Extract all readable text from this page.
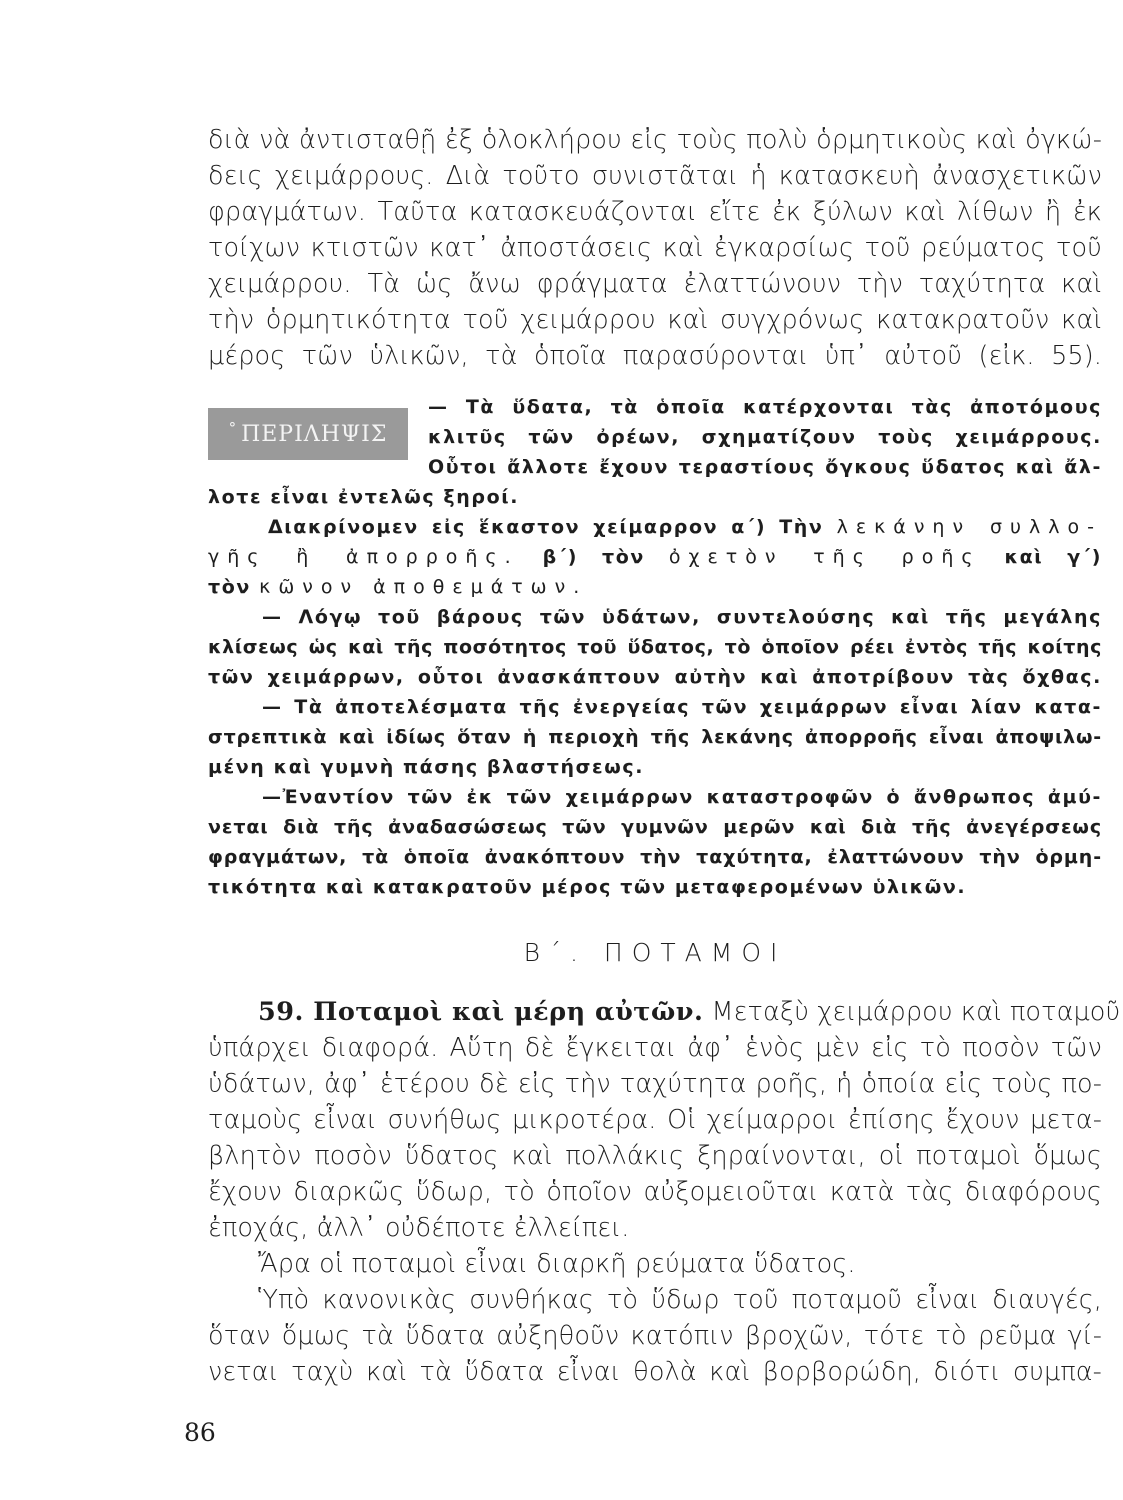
διὰ νὰ ἀντισταθῇ ἐξ ὁλοκλήρου εἰς τοὺς πολὺ ὁρμητικοὺς καὶ ὀγκώ-
δεις χειμάρρους. Διὰ τοῦτο συνιστᾶται ἡ κατασκευὴ ἀνασχετικῶν
φραγμάτων. Ταῦτα κατασκευάζονται εἴτε ἐκ ξύλων καὶ λίθων ἢ ἐκ
τοίχων κτιστῶν κατ᾽ ἀποστάσεις καὶ ἐγκαρσίως τοῦ ρεύματος τοῦ
χειμάρρου. Τὰ ὡς ἄνω φράγματα ἐλαττώνουν τὴν ταχύτητα καὶ
τὴν ὁρμητικότητα τοῦ χειμάρρου καὶ συγχρόνως κατακρατοῦν καὶ
μέρος τῶν ὑλικῶν, τὰ ὁποῖα παρασύρονται ὑπ᾽ αὐτοῦ (εἰκ. 55).
° ΠΕΡΙΛΗΨΙΣ
— Τὰ ὕδατα, τὰ ὁποῖα κατέρχονται τὰς ἀποτόμους
κλιτῦς τῶν ὀρέων, σχηματίζουν τοὺς χειμάρρους.
Οὗτοι ἄλλοτε ἔχουν τεραστίους ὄγκους ὕδατος καὶ ἄλ-
λοτε εἶναι ἐντελῶς ξηροί.
Διακρίνομεν εἰς ἕκαστον χείμαρρον α΄) Τὴν λεκάνην συλλο-
γῆς ἢ ἀπορροῆς. β΄) τὸν ὀχετὸν τῆς ροῆς καὶ γ΄)
τὸν κῶνον ἀποθεμάτων.
— Λόγῳ τοῦ βάρους τῶν ὑδάτων, συντελούσης καὶ τῆς μεγάλης
κλίσεως ὡς καὶ τῆς ποσότητος τοῦ ὕδατος, τὸ ὁποῖον ρέει ἐντὸς τῆς κοίτης
τῶν χειμάρρων, οὗτοι ἀνασκάπτουν αὐτὴν καὶ ἀποτρίβουν τὰς ὄχθας.
— Τὰ ἀποτελέσματα τῆς ἐνεργείας τῶν χειμάρρων εἶναι λίαν κατα-
στρεπτικὰ καὶ ἰδίως ὅταν ἡ περιοχὴ τῆς λεκάνης ἀπορροῆς εἶναι ἀποψιλω-
μένη καὶ γυμνὴ πάσης βλαστήσεως.
—Ἐναντίον τῶν ἐκ τῶν χειμάρρων καταστροφῶν ὁ ἄνθρωπος ἀμύ-
νεται διὰ τῆς ἀναδασώσεως τῶν γυμνῶν μερῶν καὶ διὰ τῆς ἀνεγέρσεως
φραγμάτων, τὰ ὁποῖα ἀνακόπτουν τὴν ταχύτητα, ἐλαττώνουν τὴν ὁρμη-
τικότητα καὶ κατακρατοῦν μέρος τῶν μεταφερομένων ὑλικῶν.
Β΄. ΠΟΤΑΜΟΙ
59. Ποταμοὶ καὶ μέρη αὐτῶν. Μεταξὺ χειμάρρου καὶ ποταμοῦ
ὑπάρχει διαφορά. Αὕτη δὲ ἔγκειται ἀφ᾽ ἑνὸς μὲν εἰς τὸ ποσὸν τῶν
ὑδάτων, ἀφ᾽ ἑτέρου δὲ εἰς τὴν ταχύτητα ροῆς, ἡ ὁποία εἰς τοὺς πο-
ταμοὺς εἶναι συνήθως μικροτέρα. Οἱ χείμαρροι ἐπίσης ἔχουν μετα-
βλητὸν ποσὸν ὕδατος καὶ πολλάκις ξηραίνονται, οἱ ποταμοὶ ὅμως
ἔχουν διαρκῶς ὕδωρ, τὸ ὁποῖον αὐξομειοῦται κατὰ τὰς διαφόρους
ἐποχάς, ἀλλ᾽ οὐδέποτε ἐλλείπει.
Ἄρα οἱ ποταμοὶ εἶναι διαρκῆ ρεύματα ὕδατος.
Ὑπὸ κανονικὰς συνθήκας τὸ ὕδωρ τοῦ ποταμοῦ εἶναι διαυγές,
ὅταν ὅμως τὰ ὕδατα αὐξηθοῦν κατόπιν βροχῶν, τότε τὸ ρεῦμα γί-
νεται ταχὺ καὶ τὰ ὕδατα εἶναι θολὰ καὶ βορβορώδη, διότι συμπα-
86
